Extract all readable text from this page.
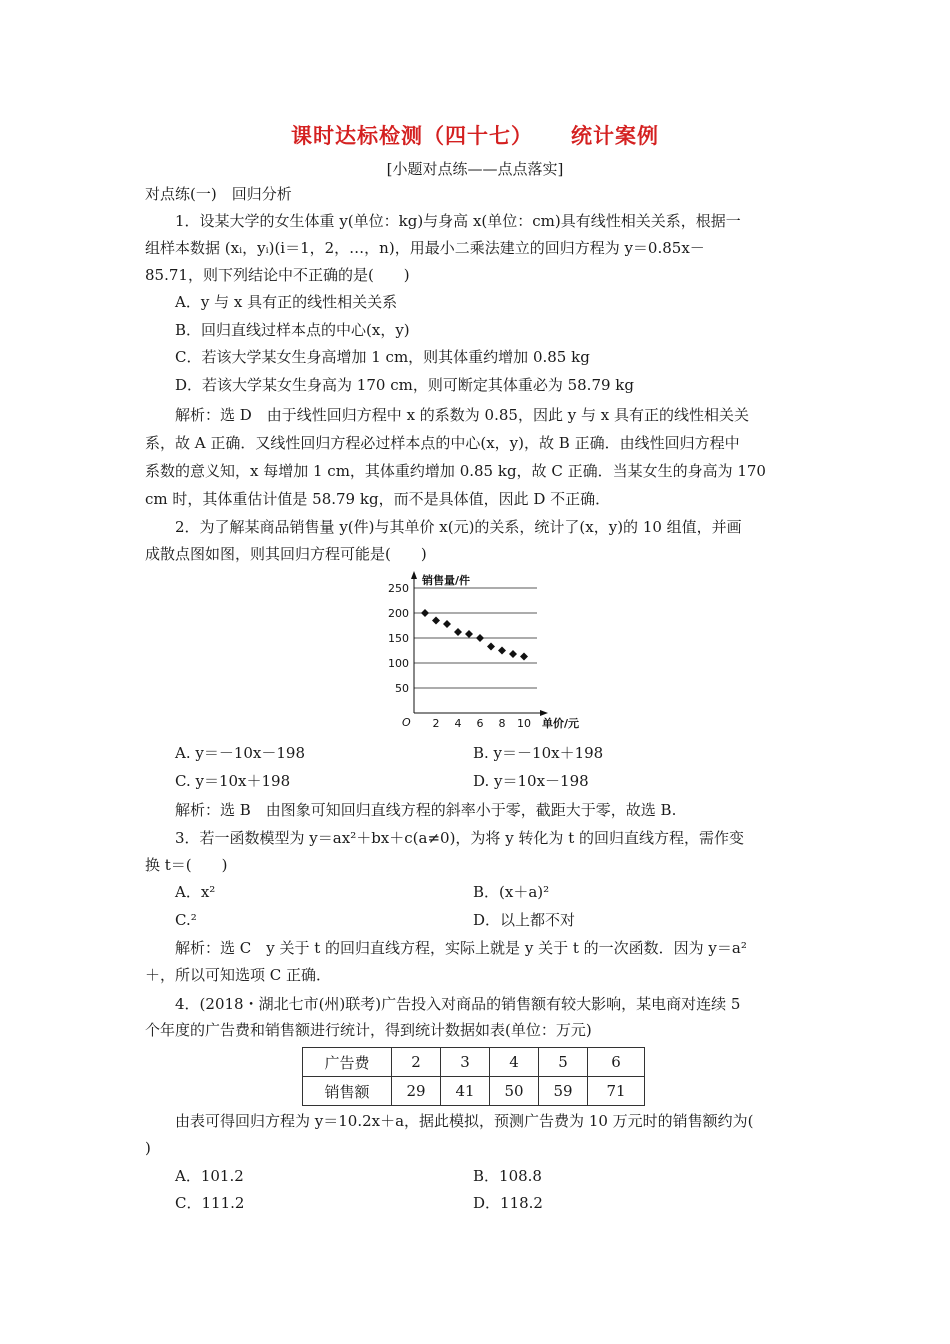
课时达标检测（四十七） 统计案例
[小题对点练——点点落实]
对点练(一)　回归分析
1．设某大学的女生体重 y(单位：kg)与身高 x(单位：cm)具有线性相关关系，根据一
组样本数据 (xᵢ，yᵢ)(i＝1，2，…，n)，用最小二乘法建立的回归方程为 y＝0.85x－
85.71，则下列结论中不正确的是(　　)
A．y 与 x 具有正的线性相关关系
B．回归直线过样本点的中心(x，y)
C．若该大学某女生身高增加 1 cm，则其体重约增加 0.85 kg
D．若该大学某女生身高为 170 cm，则可断定其体重必为 58.79 kg
解析：选 D　由于线性回归方程中 x 的系数为 0.85，因此 y 与 x 具有正的线性相关关
系，故 A 正确．又线性回归方程必过样本点的中心(x，y)，故 B 正确．由线性回归方程中
系数的意义知，x 每增加 1 cm，其体重约增加 0.85 kg，故 C 正确．当某女生的身高为 170
cm 时，其体重估计值是 58.79 kg，而不是具体值，因此 D 不正确．
2．为了解某商品销售量 y(件)与其单价 x(元)的关系，统计了(x，y)的 10 组值，并画
成散点图如图，则其回归方程可能是(　　)
50
100
150
200
250
2 4 6 8 10
销售量/件
单价/元
O
A. y＝－10x－198	B. y＝－10x＋198
C. y＝10x＋198	D. y＝10x－198
解析：选 B　由图象可知回归直线方程的斜率小于零，截距大于零，故选 B.
3．若一函数模型为 y＝ax²＋bx＋c(a≠0)，为将 y 转化为 t 的回归直线方程，需作变
换 t＝(　　)
A．x²	B．(x＋a)²
C.²	D．以上都不对
解析：选 C　y 关于 t 的回归直线方程，实际上就是 y 关于 t 的一次函数．因为 y＝a²
＋，所以可知选项 C 正确．
4．(2018・湖北七市(州)联考)广告投入对商品的销售额有较大影响，某电商对连续 5
个年度的广告费和销售额进行统计，得到统计数据如表(单位：万元)
广告费	2	3	4	5	6
销售额	29	41	50	59	71
由表可得回归方程为 y＝10.2x＋a，据此模拟，预测广告费为 10 万元时的销售额约为(
)
A．101.2	B．108.8
C．111.2	D．118.2
